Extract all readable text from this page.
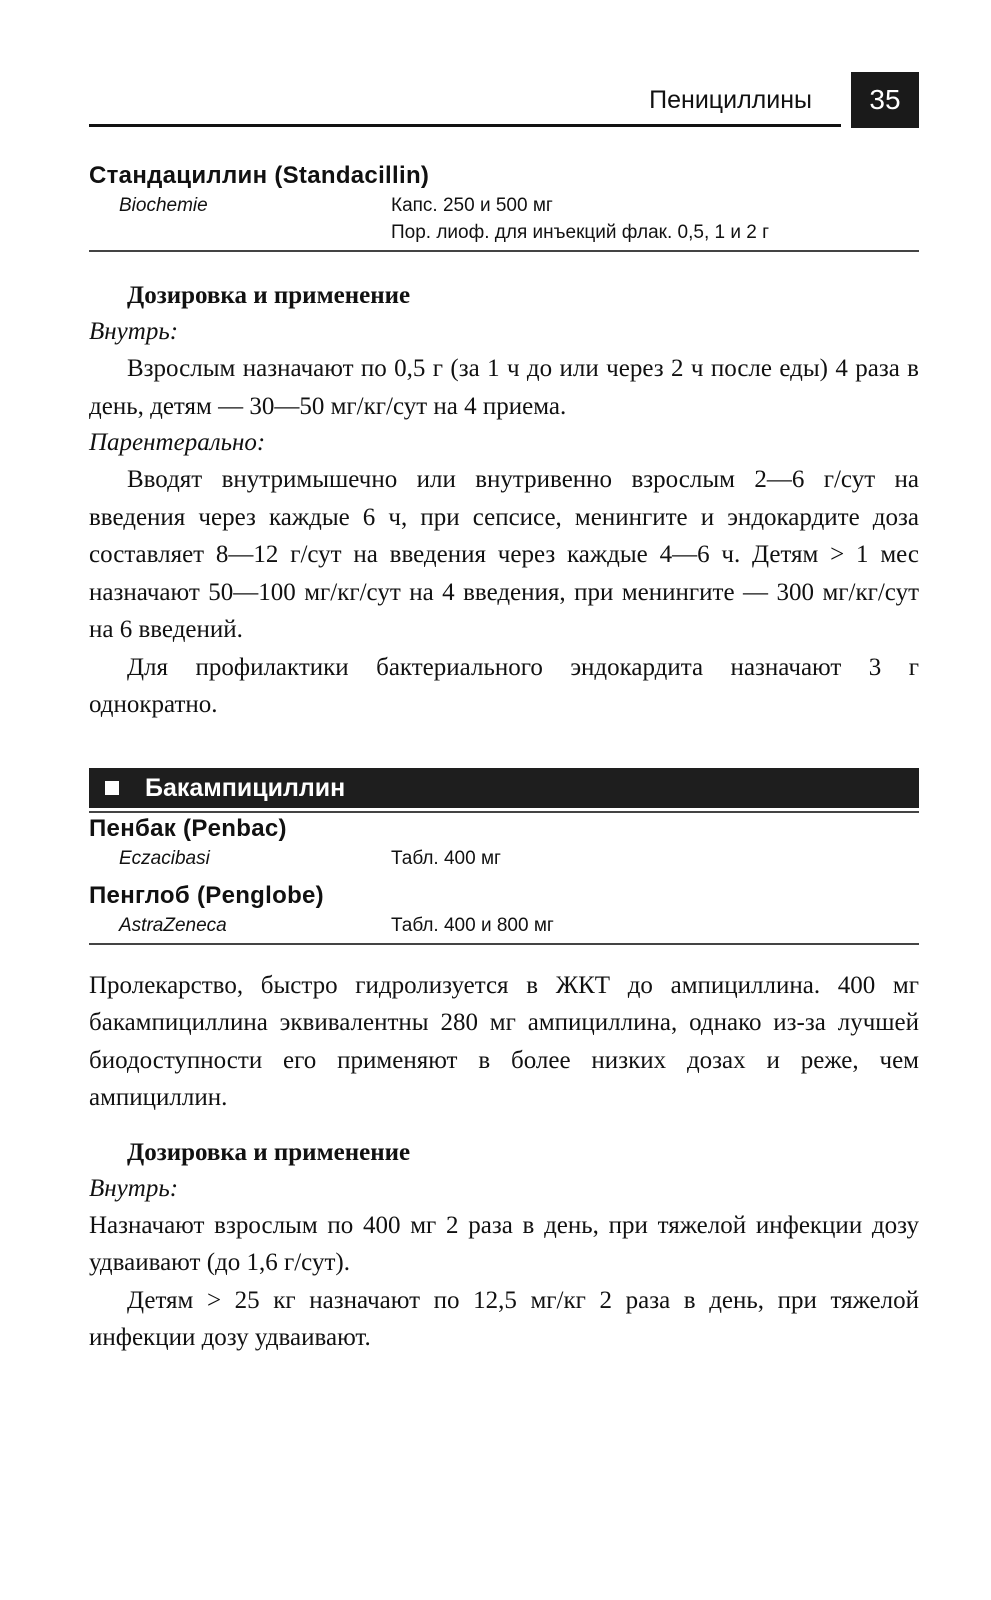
Пенициллины	35
Стандациллин (Standacillin)
Biochemie	Капс. 250 и 500 мг
Пор. лиоф. для инъекций флак. 0,5, 1 и 2 г
Дозировка и применение
Внутрь:

Взрослым назначают по 0,5 г (за 1 ч до или через 2 ч после еды) 4 раза в день, детям — 30—50 мг/кг/сут на 4 приема.

Парентерально:

Вводят внутримышечно или внутривенно взрослым 2—6 г/сут на введения через каждые 6 ч, при сепсисе, менингите и эндокардите доза составляет 8—12 г/сут на введения через каждые 4—6 ч. Детям > 1 мес назначают 50—100 мг/кг/сут на 4 введения, при менингите — 300 мг/кг/сут на 6 введений.

Для профилактики бактериального эндокардита назначают 3 г однократно.

Бакампициллин
Пенбак (Penbac)
Eczacibasi	Табл. 400 мг
Пенглоб (Penglobe)
AstraZeneca	Табл. 400 и 800 мг

Пролекарство, быстро гидролизуется в ЖКТ до ампициллина. 400 мг бакампициллина эквивалентны 280 мг ампициллина, однако из-за лучшей биодоступности его применяют в более низких дозах и реже, чем ампициллин.

Дозировка и применение
Внутрь:

Назначают взрослым по 400 мг 2 раза в день, при тяжелой инфекции дозу удваивают (до 1,6 г/сут).

Детям > 25 кг назначают по 12,5 мг/кг 2 раза в день, при тяжелой инфекции дозу удваивают.
